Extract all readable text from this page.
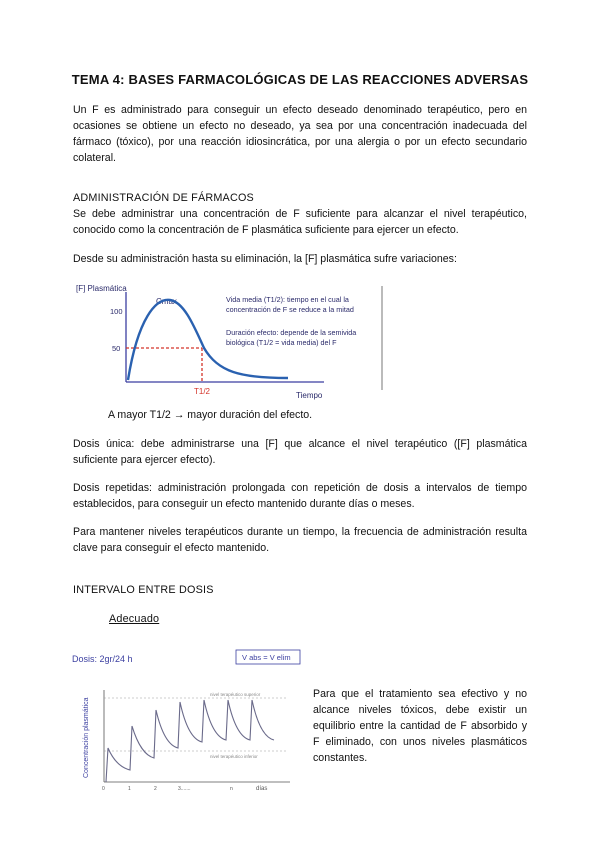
TEMA 4: BASES FARMACOLÓGICAS DE LAS REACCIONES ADVERSAS
Un F es administrado para conseguir un efecto deseado denominado terapéutico, pero en ocasiones se obtiene un efecto no deseado, ya sea por una concentración inadecuada del fármaco (tóxico), por una reacción idiosincrática, por una alergia o por un efecto secundario colateral.
ADMINISTRACIÓN DE FÁRMACOS
Se debe administrar una concentración de F suficiente para alcanzar el nivel terapéutico, conocido como la concentración de F plasmática suficiente para ejercer un efecto.
Desde su administración hasta su eliminación, la [F] plasmática sufre variaciones:
[F] Plasmática
100
50
Cmax
T1/2	Tiempo
Vida media (T1/2): tiempo en el cual la
concentración de F se reduce a la mitad
Duración efecto: depende de la semivida
biológica (T1/2 = vida media) del F
A mayor T1/2 → mayor duración del efecto.
Dosis única: debe administrarse una [F] que alcance el nivel terapéutico ([F] plasmática suficiente para ejercer efecto).
Dosis repetidas: administración prolongada con repetición de dosis a intervalos de tiempo establecidos, para conseguir un efecto mantenido durante días o meses.
Para mantener niveles terapéuticos durante un tiempo, la frecuencia de administración resulta clave para conseguir el efecto mantenido.
INTERVALO ENTRE DOSIS
Adecuado
Dosis: 2gr/24 h	V abs = V elim
Concentración plasmática
nivel terapéutico superior
nivel terapéutico inferior
0	1	2	3.......	n	días
Para que el tratamiento sea efectivo y no alcance niveles tóxicos, debe existir un equilibrio entre la cantidad de F absorbido y F eliminado, con unos niveles plasmáticos constantes.
